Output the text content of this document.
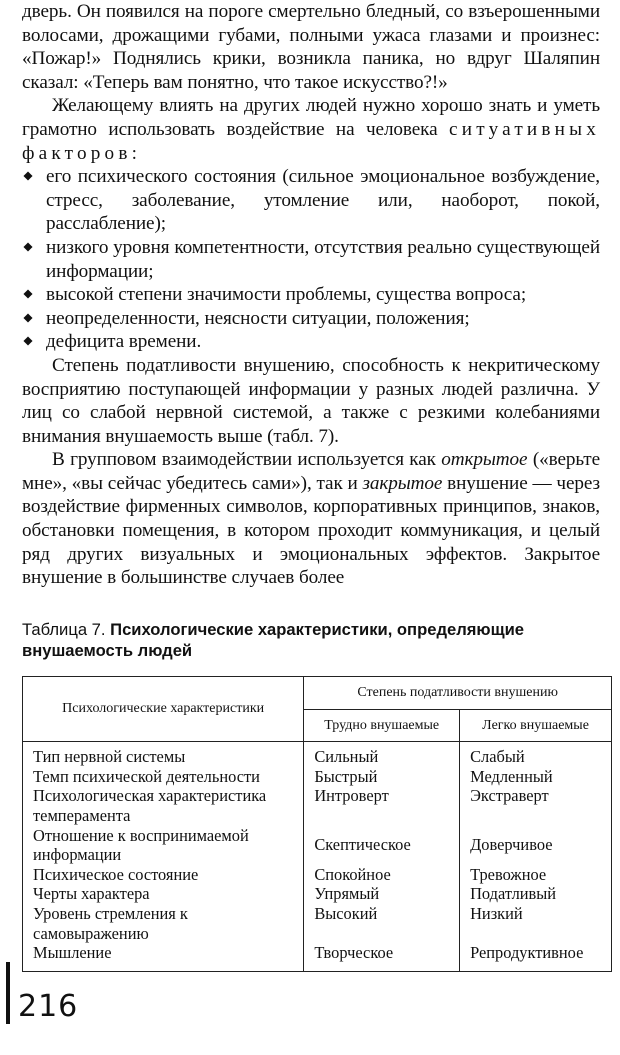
дверь. Он появился на пороге смертельно бледный, со взъерошенными волосами, дрожащими губами, полными ужаса глазами и произнес: «Пожар!» Поднялись крики, возникла паника, но вдруг Шаляпин сказал: «Теперь вам понятно, что такое искусство?!»

Желающему влиять на других людей нужно хорошо знать и уметь грамотно использовать воздействие на человека ситуативных факторов:

его психического состояния (сильное эмоциональное возбуждение, стресс, заболевание, утомление или, наоборот, покой, расслабление);
низкого уровня компетентности, отсутствия реально существующей информации;
высокой степени значимости проблемы, существа вопроса;
неопределенности, неясности ситуации, положения;
дефицита времени.

Степень податливости внушению, способность к некритическому восприятию поступающей информации у разных людей различна. У лиц со слабой нервной системой, а также с резкими колебаниями внимания внушаемость выше (табл. 7).

В групповом взаимодействии используется как открытое («верьте мне», «вы сейчас убедитесь сами»), так и закрытое внушение — через воздействие фирменных символов, корпоративных принципов, знаков, обстановки помещения, в котором проходит коммуникация, и целый ряд других визуальных и эмоциональных эффектов. Закрытое внушение в большинстве случаев более

Таблица 7. Психологические характеристики, определяющие внушаемость людей
Психологические характеристики	Степень податливости внушению	
	Трудно внушаемые	Легко внушаемые
Тип нервной системы	Сильный	Слабый
Темп психической деятельности	Быстрый	Медленный
Психологическая характеристика темперамента	Интроверт	Экстраверт
Отношение к воспринимаемой информации	Скептическое	Доверчивое
Психическое состояние	Спокойное	Тревожное
Черты характера	Упрямый	Податливый
Уровень стремления к самовыражению	Высокий	Низкий
Мышление	Творческое	Репродуктивное
216
